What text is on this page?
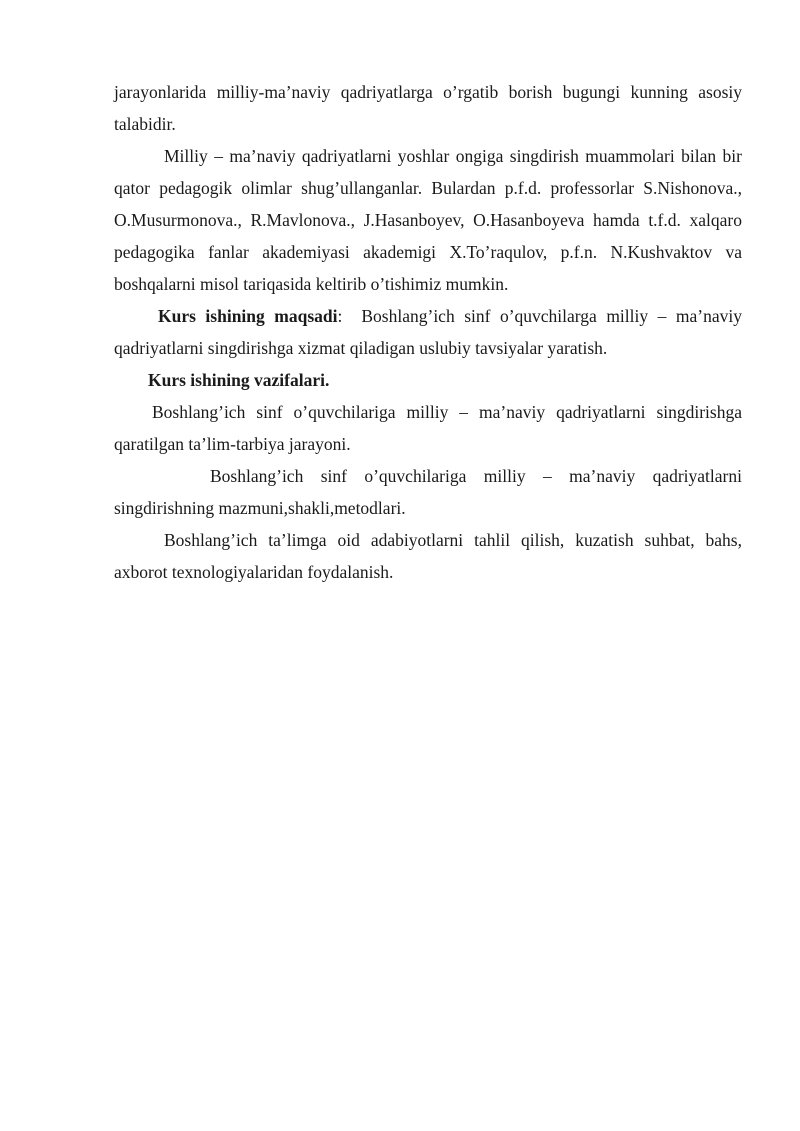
jarayonlarida milliy-ma’naviy qadriyatlarga o’rgatib borish bugungi kunning asosiy talabidir.

Milliy – ma’naviy qadriyatlarni yoshlar ongiga singdirish muammolari bilan bir qator pedagogik olimlar shug’ullanganlar. Bulardan p.f.d. professorlar S.Nishonova., O.Musurmonova., R.Mavlonova., J.Hasanboyev, O.Hasanboyeva hamda t.f.d. xalqaro pedagogika fanlar akademiyasi akademigi X.To’raqulov, p.f.n. N.Kushvaktov va boshqalarni misol tariqasida keltirib o’tishimiz mumkin.

Kurs ishining maqsadi:  Boshlang’ich sinf o’quvchilarga milliy – ma’naviy qadriyatlarni singdirishga xizmat qiladigan uslubiy tavsiyalar yaratish.

Kurs ishining vazifalari.

Boshlang’ich sinf o’quvchilariga milliy – ma’naviy qadriyatlarni singdirishga qaratilgan ta’lim-tarbiya jarayoni.

Boshlang’ich sinf o’quvchilariga milliy – ma’naviy qadriyatlarni singdirishning mazmuni,shakli,metodlari.

Boshlang’ich ta’limga oid adabiyotlarni tahlil qilish, kuzatish suhbat, bahs, axborot texnologiyalaridan foydalanish.
